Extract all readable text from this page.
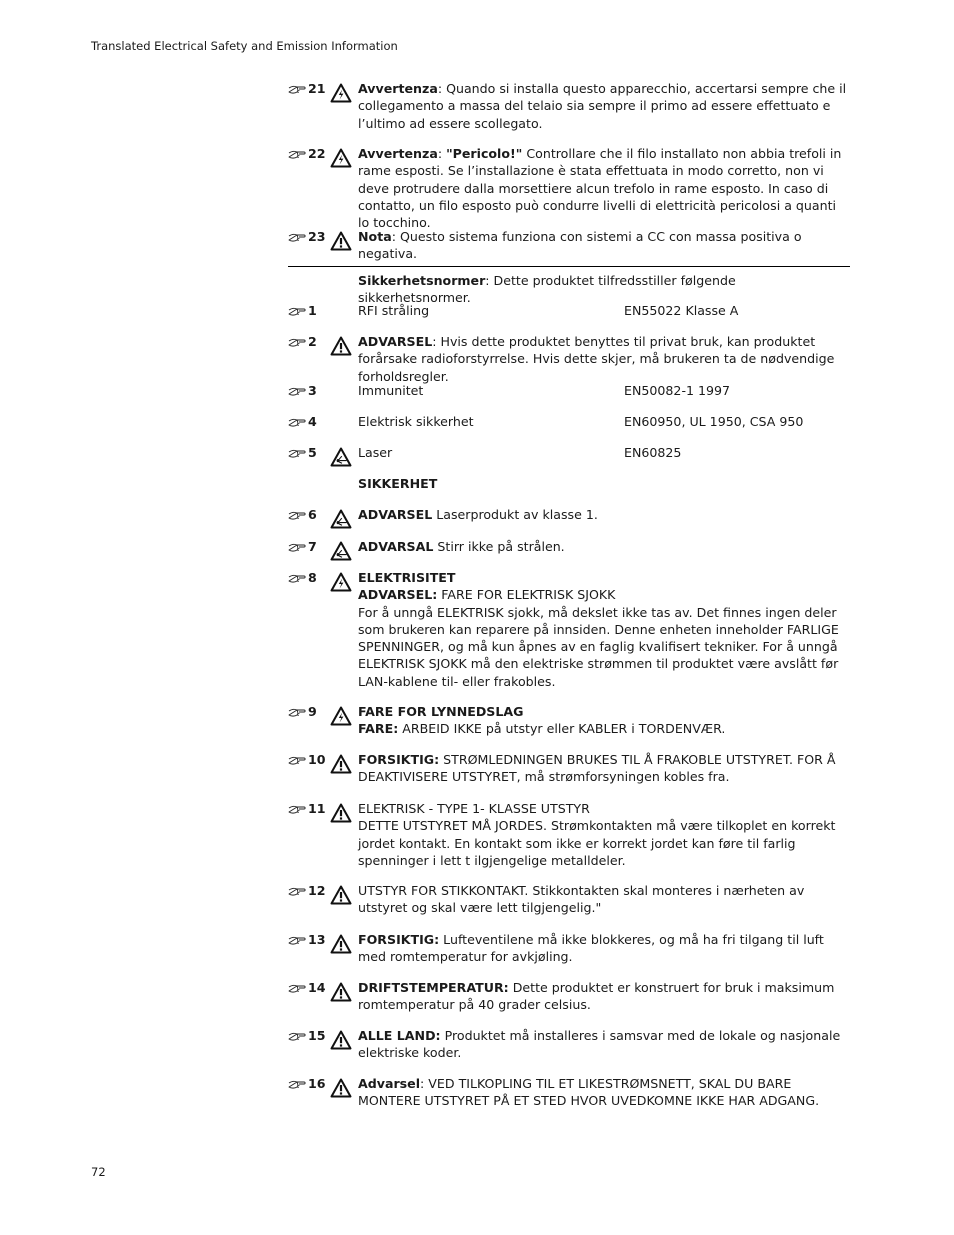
Translated Electrical Safety and Emission Information
21	Avvertenza: Quando si installa questo apparecchio, accertarsi sempre che il collegamento a massa del telaio sia sempre il primo ad essere effettuato e l’ultimo ad essere scollegato.
22	Avvertenza: "Pericolo!" Controllare che il filo installato non abbia trefoli in rame esposti. Se l’installazione è stata effettuata in modo corretto, non vi deve protrudere dalla morsettiere alcun trefolo in rame esposto. In caso di contatto, un filo esposto può condurre livelli di elettricità pericolosi a quanti lo tocchino.
23	Nota: Questo sistema funziona con sistemi a CC con massa positiva o negativa.
Sikkerhetsnormer: Dette produktet tilfredsstiller følgende sikkerhetsnormer.
1	RFI stråling	EN55022 Klasse A
2	ADVARSEL: Hvis dette produktet benyttes til privat bruk, kan produktet forårsake radioforstyrrelse. Hvis dette skjer, må brukeren ta de nødvendige forholdsregler.
3	Immunitet	EN50082-1 1997
4	Elektrisk sikkerhet	EN60950, UL 1950, CSA 950
5	Laser	EN60825
SIKKERHET
6	ADVARSEL Laserprodukt av klasse 1.
7	ADVARSAL Stirr ikke på strålen.
8	ELEKTRISITET
ADVARSEL: FARE FOR ELEKTRISK SJOKK
For å unngå ELEKTRISK sjokk, må dekslet ikke tas av. Det finnes ingen deler som brukeren kan reparere på innsiden. Denne enheten inneholder FARLIGE SPENNINGER, og må kun åpnes av en faglig kvalifisert tekniker. For å unngå ELEKTRISK SJOKK må den elektriske strømmen til produktet være avslått før LAN-kablene til- eller frakobles.
9	FARE FOR LYNNEDSLAG
FARE: ARBEID IKKE på utstyr eller KABLER i TORDENVÆR.
10	FORSIKTIG: STRØMLEDNINGEN BRUKES TIL Å FRAKOBLE UTSTYRET. FOR Å DEAKTIVISERE UTSTYRET, må strømforsyningen kobles fra.
11	ELEKTRISK - TYPE 1- KLASSE UTSTYR
DETTE UTSTYRET MÅ JORDES. Strømkontakten må være tilkoplet en korrekt jordet kontakt. En kontakt som ikke er korrekt jordet kan føre til farlig spenninger i lett t ilgjengelige metalldeler.
12	UTSTYR FOR STIKKONTAKT. Stikkontakten skal monteres i nærheten av utstyret og skal være lett tilgjengelig."
13	FORSIKTIG: Lufteventilene må ikke blokkeres, og må ha fri tilgang til luft med romtemperatur for avkjøling.
14	DRIFTSTEMPERATUR: Dette produktet er konstruert for bruk i maksimum romtemperatur på 40 grader celsius.
15	ALLE LAND: Produktet må installeres i samsvar med de lokale og nasjonale elektriske koder.
16	Advarsel: VED TILKOPLING TIL ET LIKESTRØMSNETT, SKAL DU BARE MONTERE UTSTYRET PÅ ET STED HVOR UVEDKOMNE IKKE HAR ADGANG.
72
